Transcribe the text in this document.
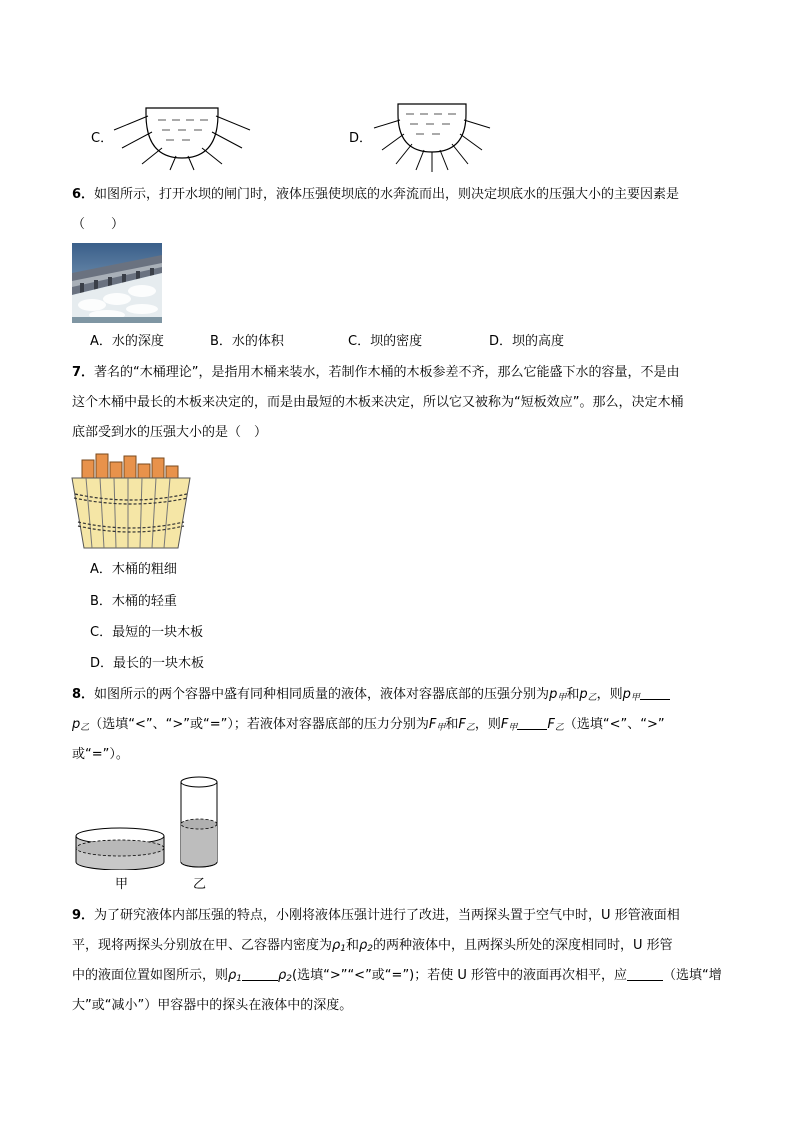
C．	D．
6．如图所示，打开水坝的闸门时，液体压强使坝底的水奔流而出，则决定坝底水的压强大小的主要因素是
（　　）
A．水的深度	B．水的体积	C．坝的密度	D．坝的高度
7．著名的“木桶理论”，是指用木桶来装水，若制作木桶的木板参差不齐，那么它能盛下水的容量，不是由
这个木桶中最长的木板来决定的，而是由最短的木板来决定，所以它又被称为“短板效应”。那么，决定木桶
底部受到水的压强大小的是（　）
A．木桶的粗细
B．木桶的轻重
C．最短的一块木板
D．最长的一块木板
8．如图所示的两个容器中盛有同种相同质量的液体，液体对容器底部的压强分别为$p_甲$和$p_乙$，则$p_甲$
$p_乙$（选填“<”、“>”或“=”）；若液体对容器底部的压力分别为$F_甲$和$F_乙$，则$F_甲$ $F_乙$（选填“<”、“>”
或“=”）。
甲	乙
9．为了研究液体内部压强的特点，小刚将液体压强计进行了改进，当两探头置于空气中时，U 形管液面相
平，现将两探头分别放在甲、乙容器内密度为$\rho_1$和$\rho_2$的两种液体中，且两探头所处的深度相同时，U 形管
中的液面位置如图所示，则$\rho_1$	$\rho_2$(选填“>”“<”或“=”)；若使 U 形管中的液面再次相平，应	（选填“增
大”或“减小”）甲容器中的探头在液体中的深度。
